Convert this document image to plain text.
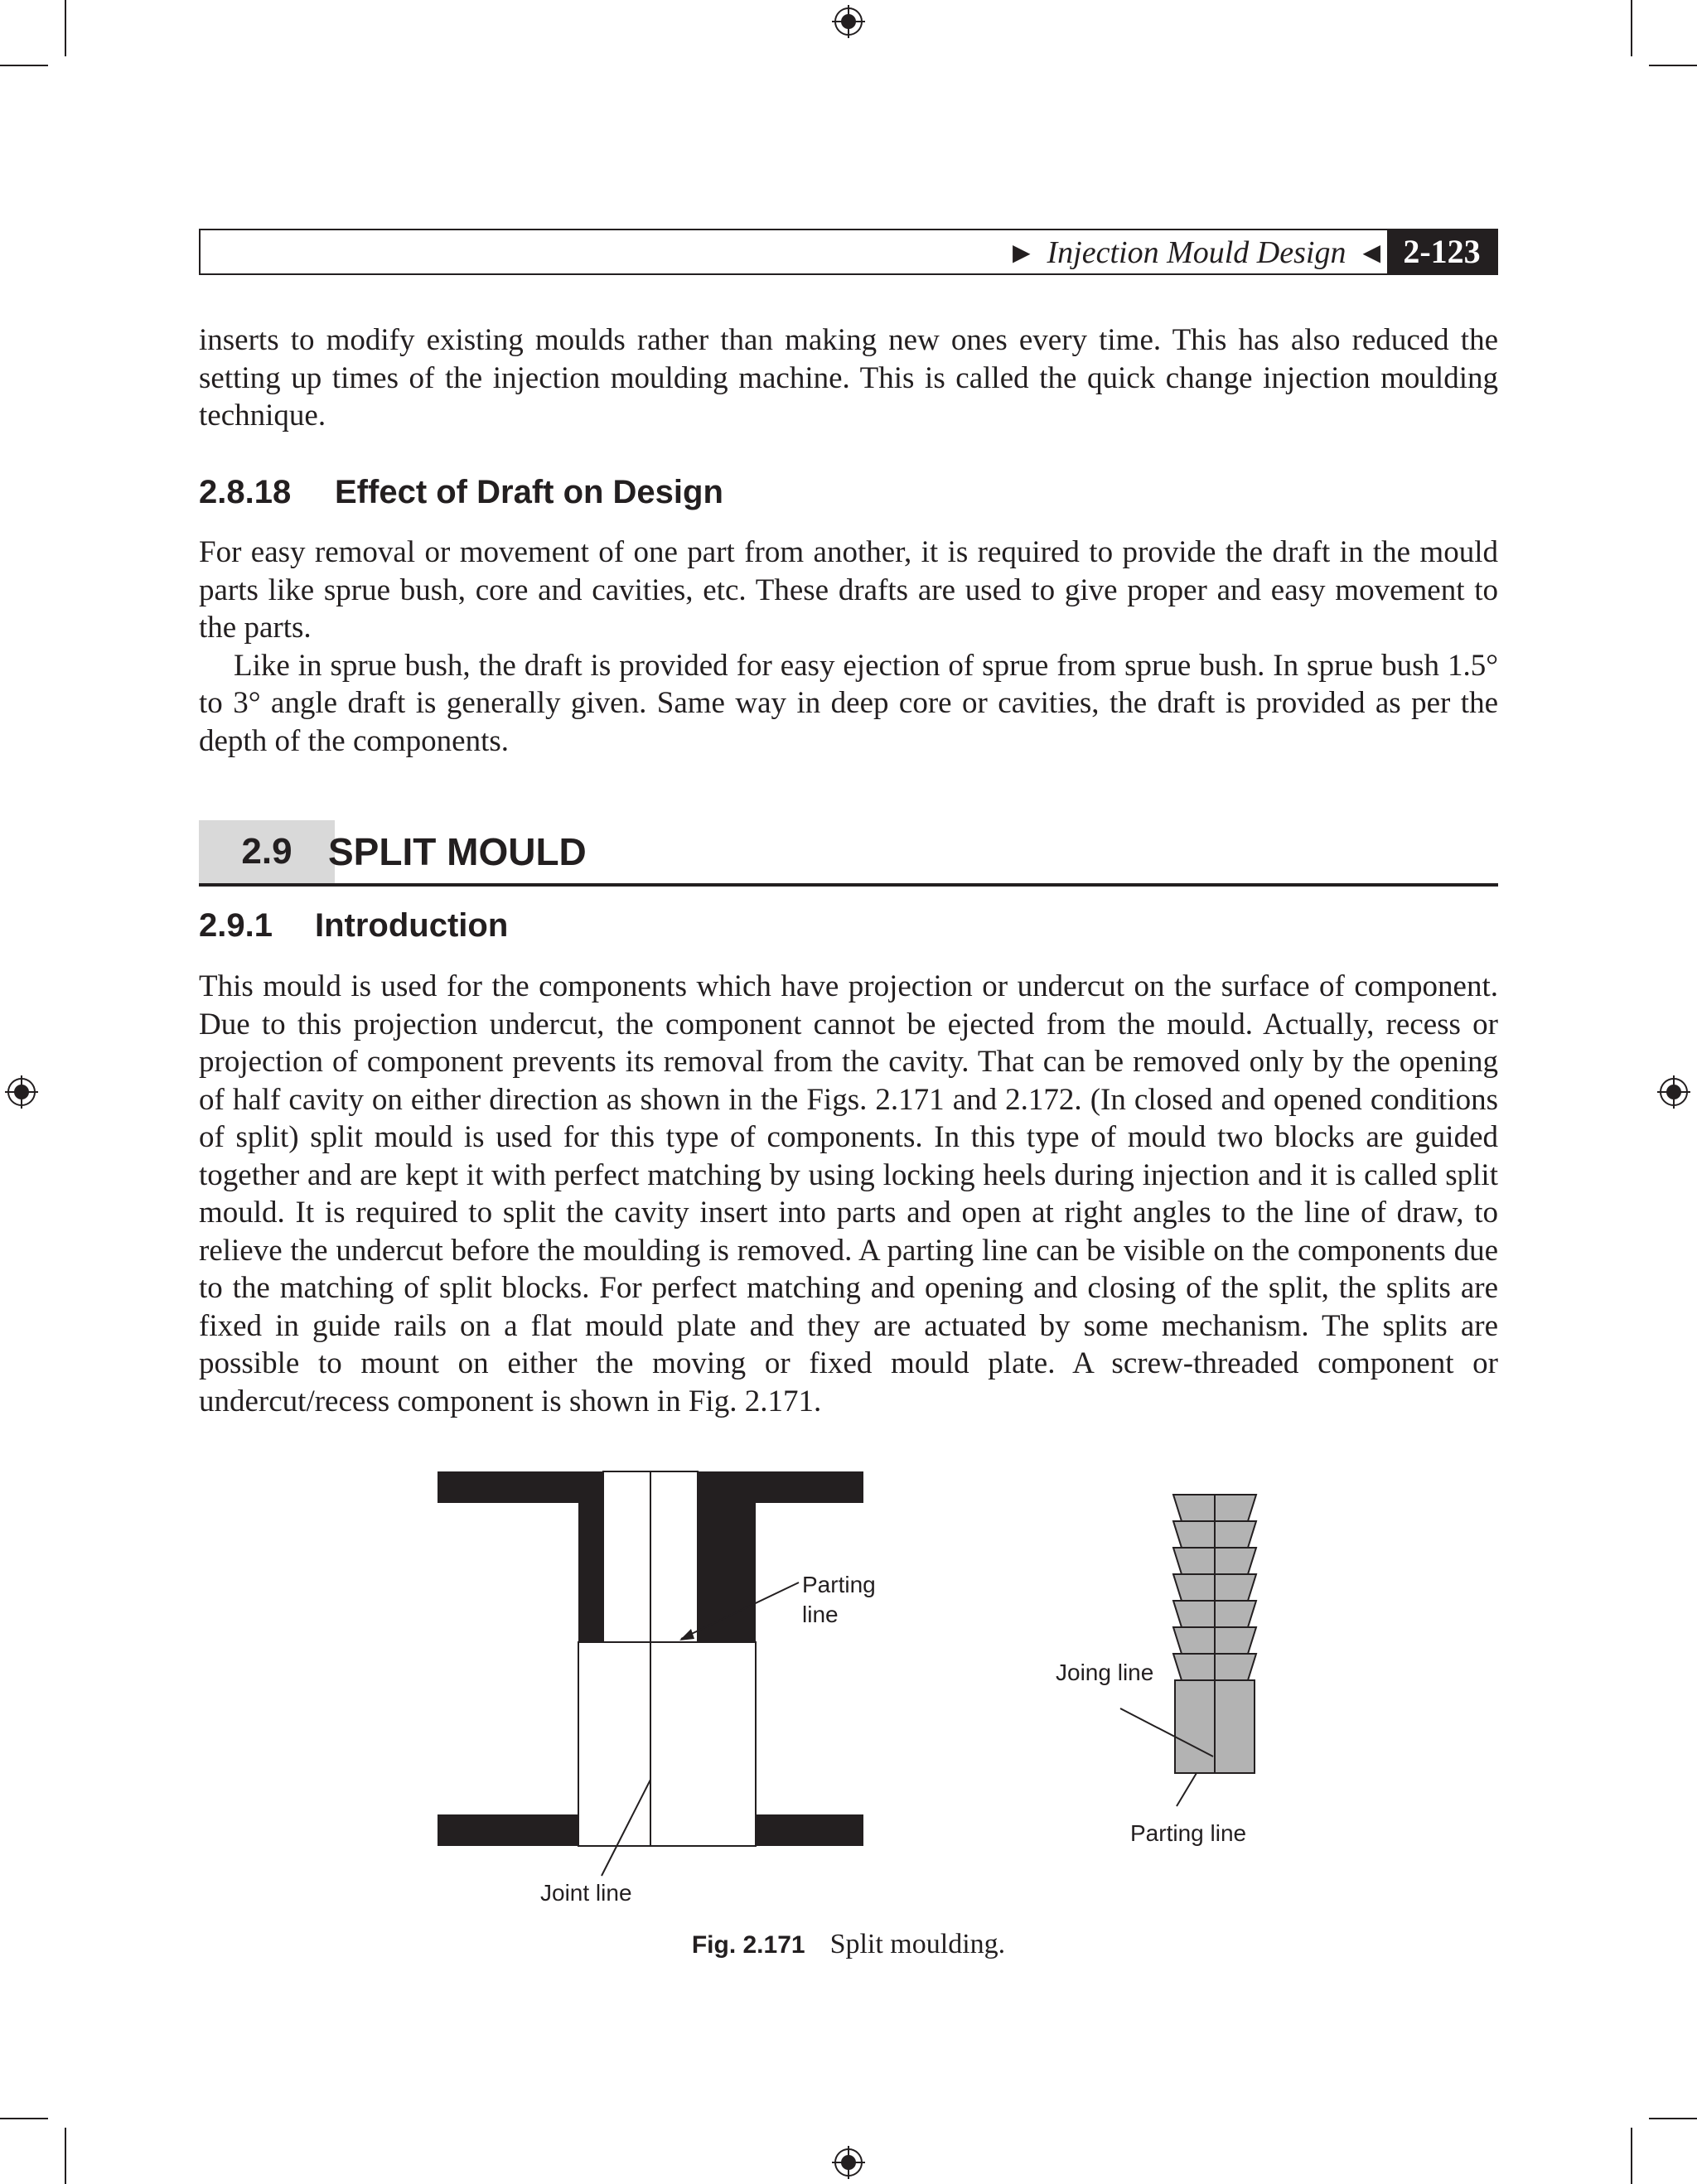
▶ Injection Mould Design ◀ 2-123

inserts to modify existing moulds rather than making new ones every time. This has also reduced the setting up times of the injection moulding machine. This is called the quick change injection moulding technique.

2.8.18 Effect of Draft on Design

For easy removal or movement of one part from another, it is required to provide the draft in the mould parts like sprue bush, core and cavities, etc. These drafts are used to give proper and easy movement to the parts.

Like in sprue bush, the draft is provided for easy ejection of sprue from sprue bush. In sprue bush 1.5° to 3° angle draft is generally given. Same way in deep core or cavities, the draft is provided as per the depth of the components.

2.9 SPLIT MOULD
2.9.1 Introduction

This mould is used for the components which have projection or undercut on the surface of component. Due to this projection undercut, the component cannot be ejected from the mould. Actually, recess or projection of component prevents its removal from the cavity. That can be removed only by the opening of half cavity on either direction as shown in the Figs. 2.171 and 2.172. (In closed and opened conditions of split) split mould is used for this type of components. In this type of mould two blocks are guided together and are kept it with perfect matching by using locking heels during injection and it is called split mould. It is required to split the cavity insert into parts and open at right angles to the line of draw, to relieve the undercut before the moulding is removed. A parting line can be visible on the components due to the matching of split blocks. For perfect matching and opening and closing of the split, the splits are fixed in guide rails on a flat mould plate and they are actuated by some mechanism. The splits are possible to mount on either the moving or fixed mould plate. A screw-threaded component or undercut/recess component is shown in Fig. 2.171.

Parting
line
Joint line
Joing line
Parting line
Fig. 2.171 Split moulding.
